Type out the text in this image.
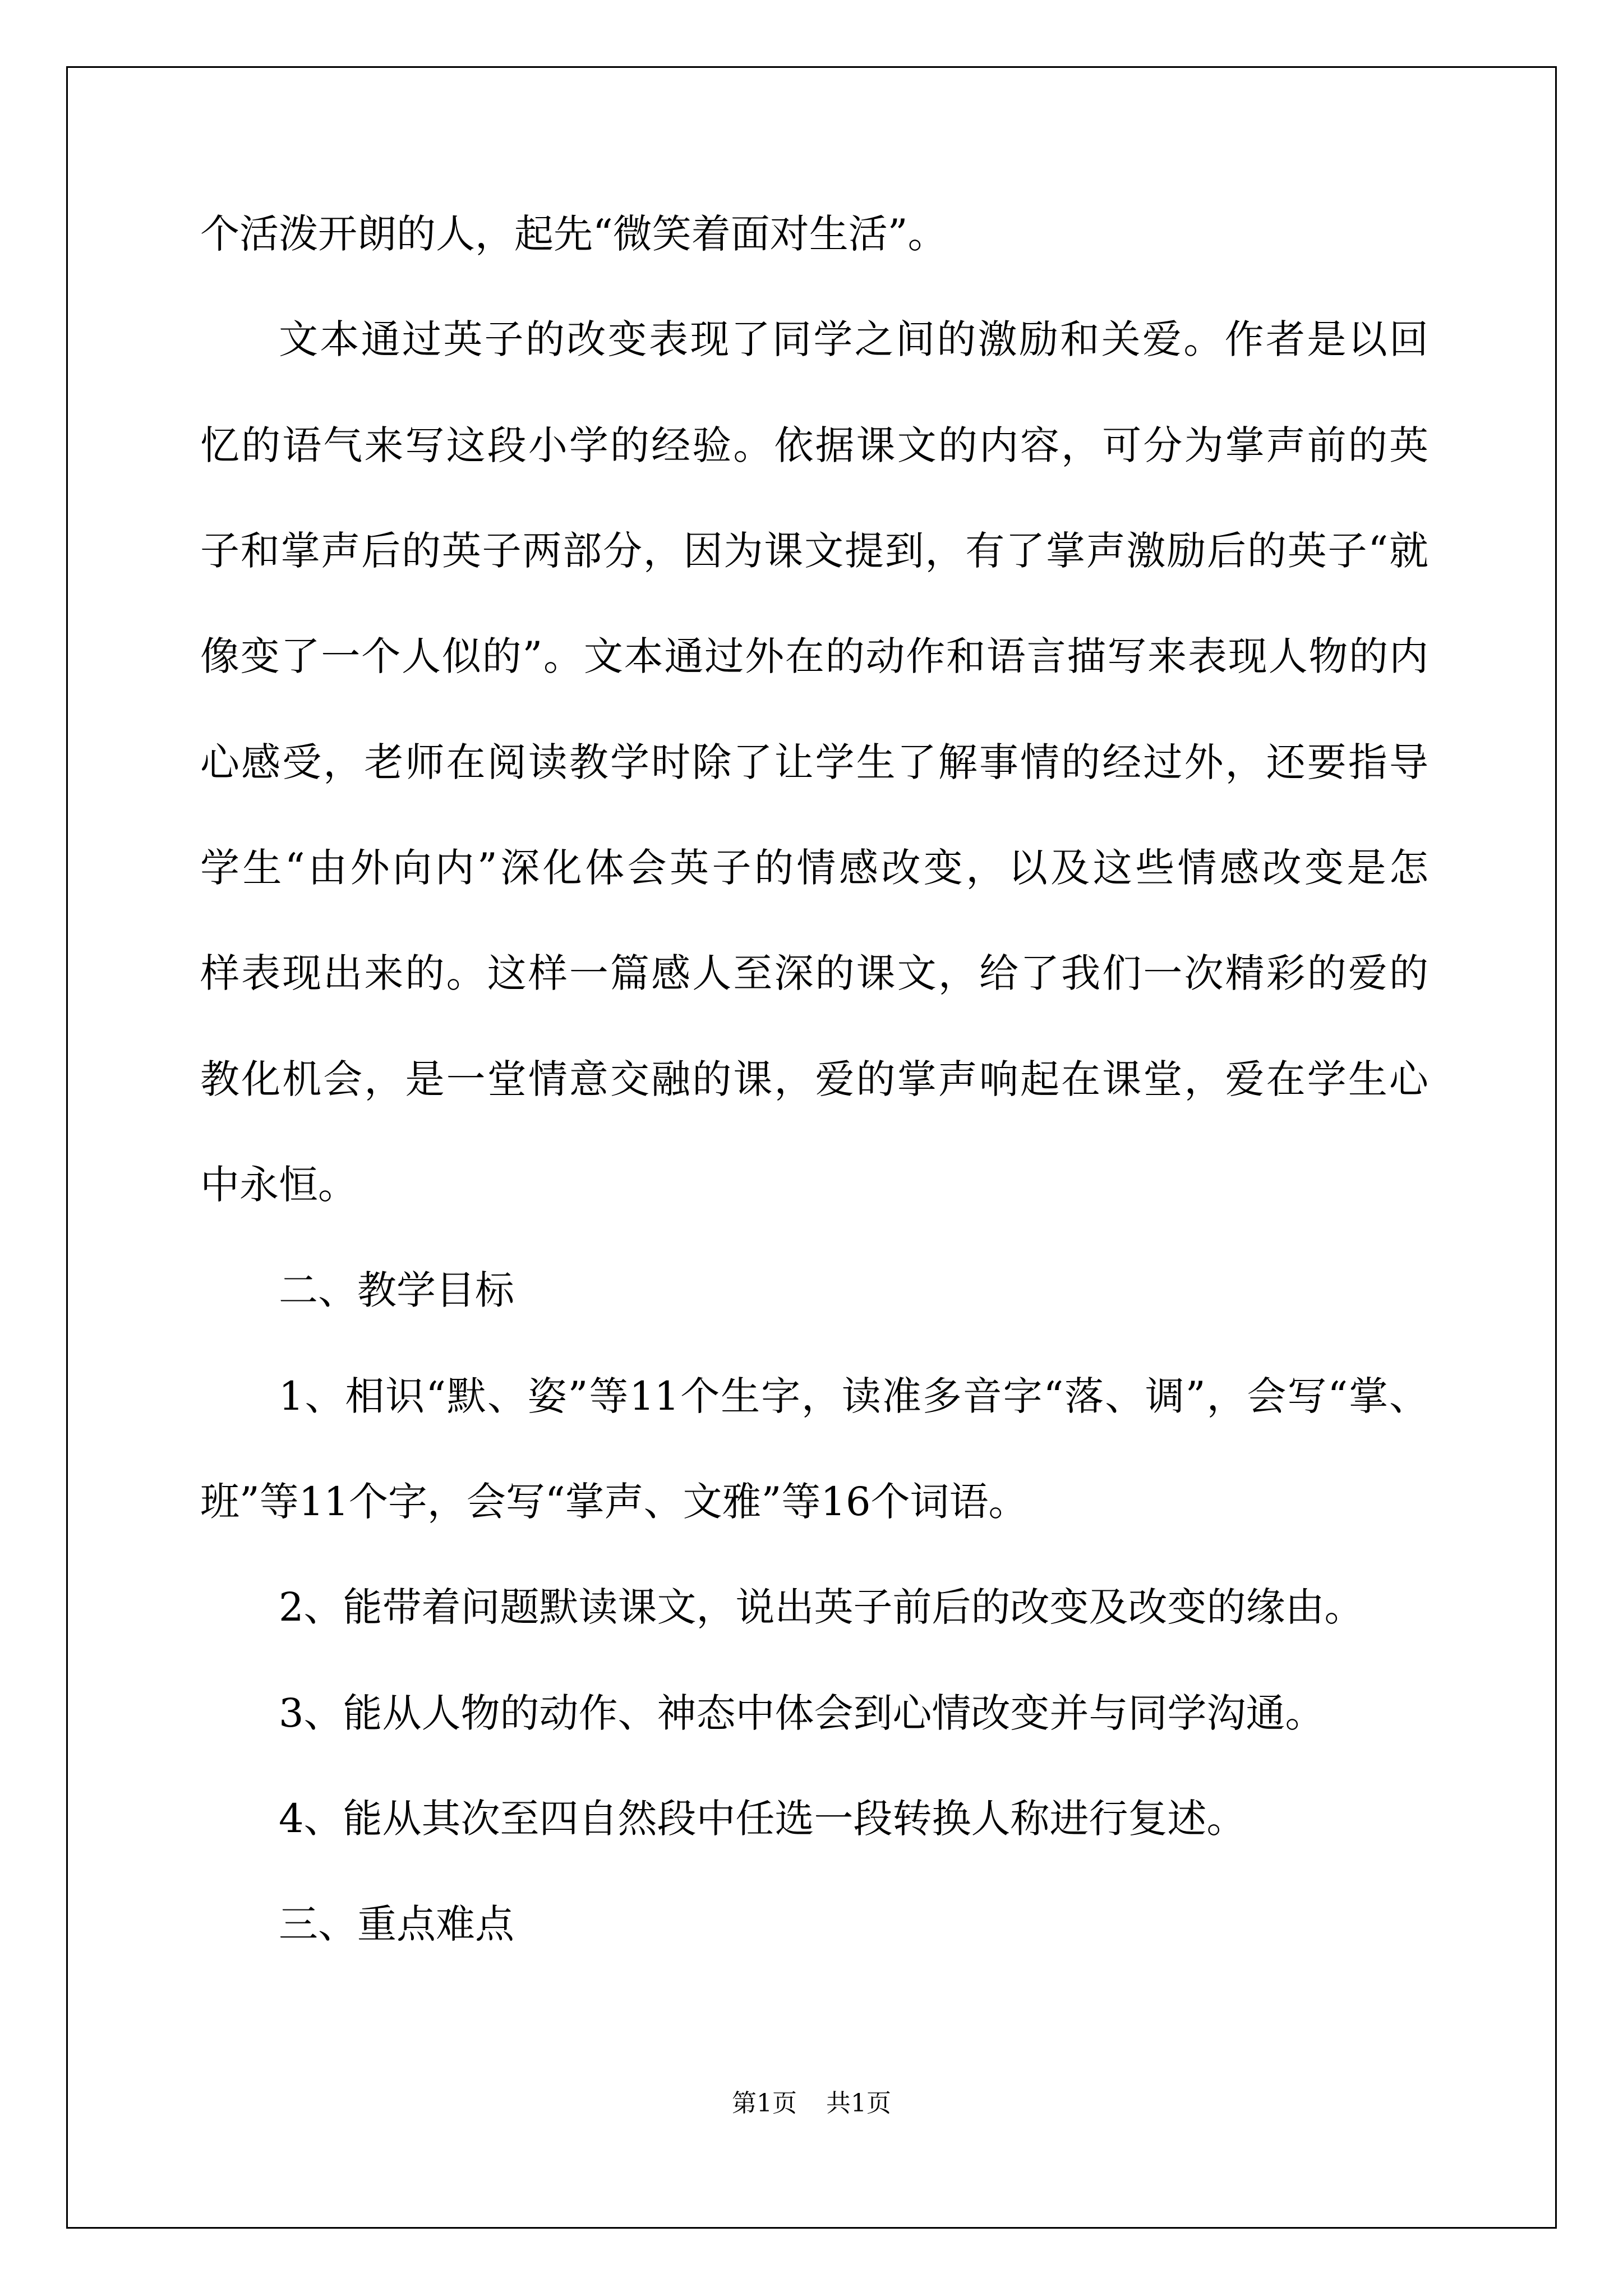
个活泼开朗的人，起先“微笑着面对生活”。
文本通过英子的改变表现了同学之间的激励和关爱。作者是以回
忆的语气来写这段小学的经验。依据课文的内容，可分为掌声前的英
子和掌声后的英子两部分，因为课文提到，有了掌声激励后的英子“就
像变了一个人似的”。文本通过外在的动作和语言描写来表现人物的内
心感受，老师在阅读教学时除了让学生了解事情的经过外，还要指导
学生“由外向内”深化体会英子的情感改变，以及这些情感改变是怎
样表现出来的。这样一篇感人至深的课文，给了我们一次精彩的爱的
教化机会，是一堂情意交融的课，爱的掌声响起在课堂，爱在学生心
中永恒。
二、教学目标
1、相识“默、姿”等11个生字，读准多音字“落、调”，会写“掌、
班”等11个字，会写“掌声、文雅”等16个词语。
2、能带着问题默读课文，说出英子前后的改变及改变的缘由。
3、能从人物的动作、神态中体会到心情改变并与同学沟通。
4、能从其次至四自然段中任选一段转换人称进行复述。
三、重点难点
第1页 共1页
